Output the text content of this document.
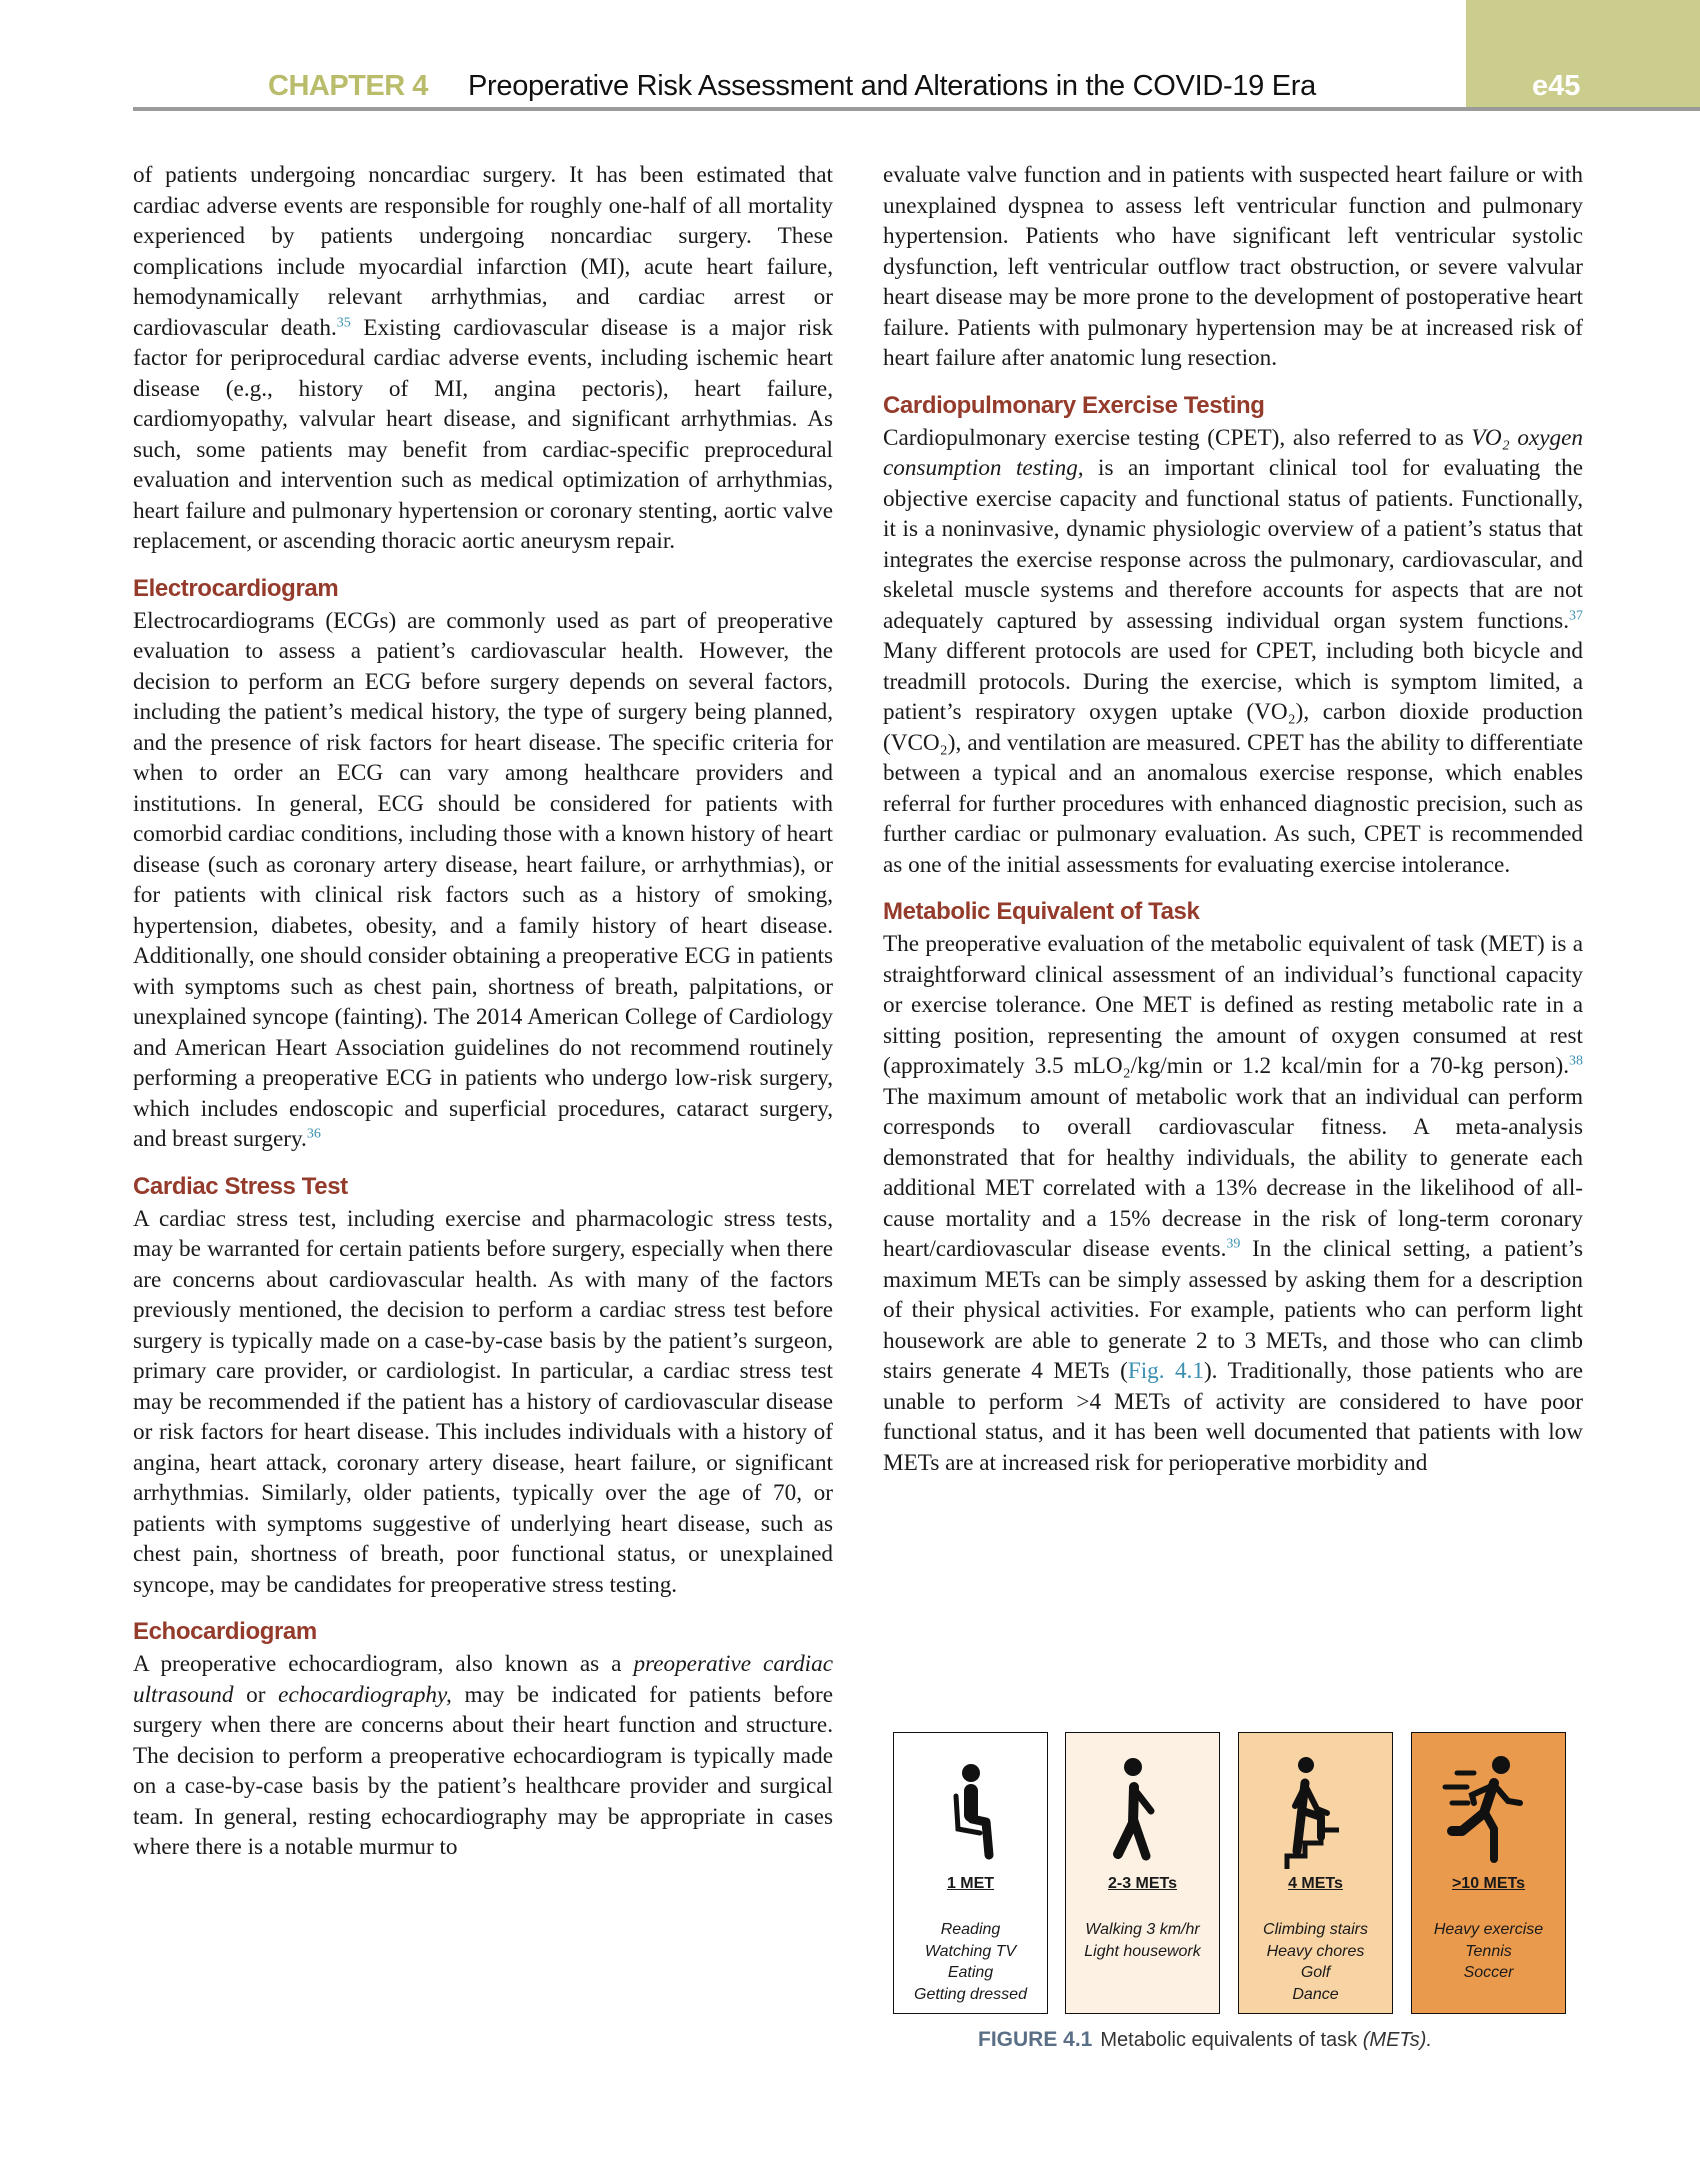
CHAPTER 4 Preoperative Risk Assessment and Alterations in the COVID-19 Era	e45

of patients undergoing noncardiac surgery. It has been estimated that cardiac adverse events are responsible for roughly one-half of all mortality experienced by patients undergoing noncardiac surgery. These complications include myocardial infarction (MI), acute heart failure, hemodynamically relevant arrhythmias, and cardiac arrest or cardiovascular death.$^{35}$ Existing cardiovascular disease is a major risk factor for periprocedural cardiac adverse events, including ischemic heart disease (e.g., history of MI, angina pectoris), heart failure, cardiomyopathy, valvular heart disease, and significant arrhythmias. As such, some patients may benefit from cardiac-specific preprocedural evaluation and intervention such as medical optimization of arrhythmias, heart failure and pulmonary hypertension or coronary stenting, aortic valve replacement, or ascending thoracic aortic aneurysm repair.

Electrocardiogram

Electrocardiograms (ECGs) are commonly used as part of preoperative evaluation to assess a patient’s cardiovascular health. However, the decision to perform an ECG before surgery depends on several factors, including the patient’s medical history, the type of surgery being planned, and the presence of risk factors for heart disease. The specific criteria for when to order an ECG can vary among healthcare providers and institutions. In general, ECG should be considered for patients with comorbid cardiac conditions, including those with a known history of heart disease (such as coronary artery disease, heart failure, or arrhythmias), or for patients with clinical risk factors such as a history of smoking, hypertension, diabetes, obesity, and a family history of heart disease. Additionally, one should consider obtaining a preoperative ECG in patients with symptoms such as chest pain, shortness of breath, palpitations, or unexplained syncope (fainting). The 2014 American College of Cardiology and American Heart Association guidelines do not recommend routinely performing a preoperative ECG in patients who undergo low-risk surgery, which includes endoscopic and superficial procedures, cataract surgery, and breast surgery.$^{36}$

Cardiac Stress Test

A cardiac stress test, including exercise and pharmacologic stress tests, may be warranted for certain patients before surgery, especially when there are concerns about cardiovascular health. As with many of the factors previously mentioned, the decision to perform a cardiac stress test before surgery is typically made on a case-by-case basis by the patient’s surgeon, primary care provider, or cardiologist. In particular, a cardiac stress test may be recommended if the patient has a history of cardiovascular disease or risk factors for heart disease. This includes individuals with a history of angina, heart attack, coronary artery disease, heart failure, or significant arrhythmias. Similarly, older patients, typically over the age of 70, or patients with symptoms suggestive of underlying heart disease, such as chest pain, shortness of breath, poor functional status, or unexplained syncope, may be candidates for preoperative stress testing.

Echocardiogram

A preoperative echocardiogram, also known as a preoperative cardiac ultrasound or echocardiography, may be indicated for patients before surgery when there are concerns about their heart function and structure. The decision to perform a preoperative echocardiogram is typically made on a case-by-case basis by the patient’s healthcare provider and surgical team. In general, resting echocardiography may be appropriate in cases where there is a notable murmur to

evaluate valve function and in patients with suspected heart failure or with unexplained dyspnea to assess left ventricular function and pulmonary hypertension. Patients who have significant left ventricular systolic dysfunction, left ventricular outflow tract obstruction, or severe valvular heart disease may be more prone to the development of postoperative heart failure. Patients with pulmonary hypertension may be at increased risk of heart failure after anatomic lung resection.

Cardiopulmonary Exercise Testing

Cardiopulmonary exercise testing (CPET), also referred to as VO₂ oxygen consumption testing, is an important clinical tool for evaluating the objective exercise capacity and functional status of patients. Functionally, it is a noninvasive, dynamic physiologic overview of a patient’s status that integrates the exercise response across the pulmonary, cardiovascular, and skeletal muscle systems and therefore accounts for aspects that are not adequately captured by assessing individual organ system functions.$^{37}$ Many different protocols are used for CPET, including both bicycle and treadmill protocols. During the exercise, which is symptom limited, a patient’s respiratory oxygen uptake (VO₂), carbon dioxide production (VCO₂), and ventilation are measured. CPET has the ability to differentiate between a typical and an anomalous exercise response, which enables referral for further procedures with enhanced diagnostic precision, such as further cardiac or pulmonary evaluation. As such, CPET is recommended as one of the initial assessments for evaluating exercise intolerance.

Metabolic Equivalent of Task

The preoperative evaluation of the metabolic equivalent of task (MET) is a straightforward clinical assessment of an individual’s functional capacity or exercise tolerance. One MET is defined as resting metabolic rate in a sitting position, representing the amount of oxygen consumed at rest (approximately 3.5 mLO₂/kg/min or 1.2 kcal/min for a 70-kg person).$^{38}$ The maximum amount of metabolic work that an individual can perform corresponds to overall cardiovascular fitness. A meta-analysis demonstrated that for healthy individuals, the ability to generate each additional MET correlated with a 13% decrease in the likelihood of all-cause mortality and a 15% decrease in the risk of long-term coronary heart/cardiovascular disease events.$^{39}$ In the clinical setting, a patient’s maximum METs can be simply assessed by asking them for a description of their physical activities. For example, patients who can perform light housework are able to generate 2 to 3 METs, and those who can climb stairs generate 4 METs (Fig. 4.1). Traditionally, those patients who are unable to perform >4 METs of activity are considered to have poor functional status, and it has been well documented that patients with low METs are at increased risk for perioperative morbidity and

1 MET
Reading
Watching TV
Eating
Getting dressed
2-3 METs
Walking 3 km/hr
Light housework
4 METs
Climbing stairs
Heavy chores
Golf
Dance
>10 METs
Heavy exercise
Tennis
Soccer
FIGURE 4.1 Metabolic equivalents of task (METs).
